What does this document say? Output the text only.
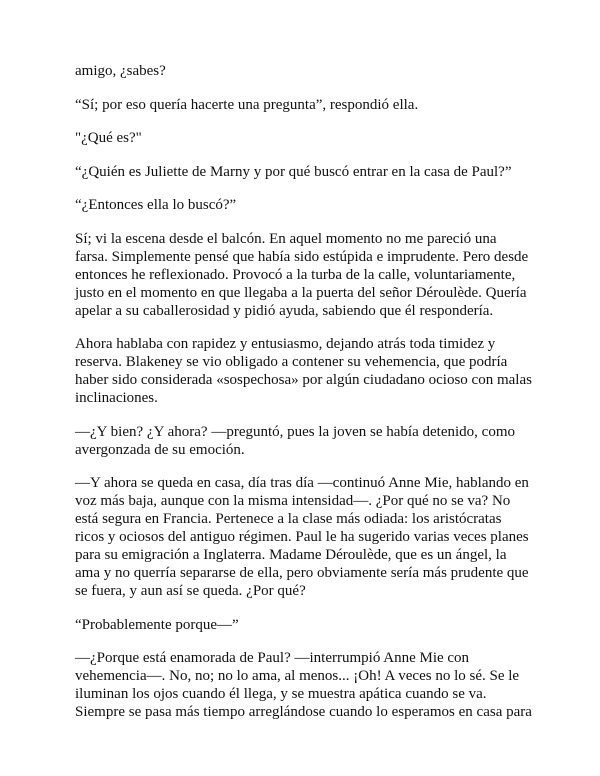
amigo, ¿sabes?

“Sí; por eso quería hacerte una pregunta”, respondió ella.

"¿Qué es?"

“¿Quién es Juliette de Marny y por qué buscó entrar en la casa de Paul?”

“¿Entonces ella lo buscó?”

Sí; vi la escena desde el balcón. En aquel momento no me pareció una
farsa. Simplemente pensé que había sido estúpida e imprudente. Pero desde
entonces he reflexionado. Provocó a la turba de la calle, voluntariamente,
justo en el momento en que llegaba a la puerta del señor Déroulède. Quería
apelar a su caballerosidad y pidió ayuda, sabiendo que él respondería.

Ahora hablaba con rapidez y entusiasmo, dejando atrás toda timidez y
reserva. Blakeney se vio obligado a contener su vehemencia, que podría
haber sido considerada «sospechosa» por algún ciudadano ocioso con malas
inclinaciones.

—¿Y bien? ¿Y ahora? —preguntó, pues la joven se había detenido, como
avergonzada de su emoción.

—Y ahora se queda en casa, día tras día —continuó Anne Mie, hablando en
voz más baja, aunque con la misma intensidad—. ¿Por qué no se va? No
está segura en Francia. Pertenece a la clase más odiada: los aristócratas
ricos y ociosos del antiguo régimen. Paul le ha sugerido varias veces planes
para su emigración a Inglaterra. Madame Déroulède, que es un ángel, la
ama y no querría separarse de ella, pero obviamente sería más prudente que
se fuera, y aun así se queda. ¿Por qué?

“Probablemente porque—”

—¿Porque está enamorada de Paul? —interrumpió Anne Mie con
vehemencia—. No, no; no lo ama, al menos... ¡Oh! A veces no lo sé. Se le
iluminan los ojos cuando él llega, y se muestra apática cuando se va.
Siempre se pasa más tiempo arreglándose cuando lo esperamos en casa para
